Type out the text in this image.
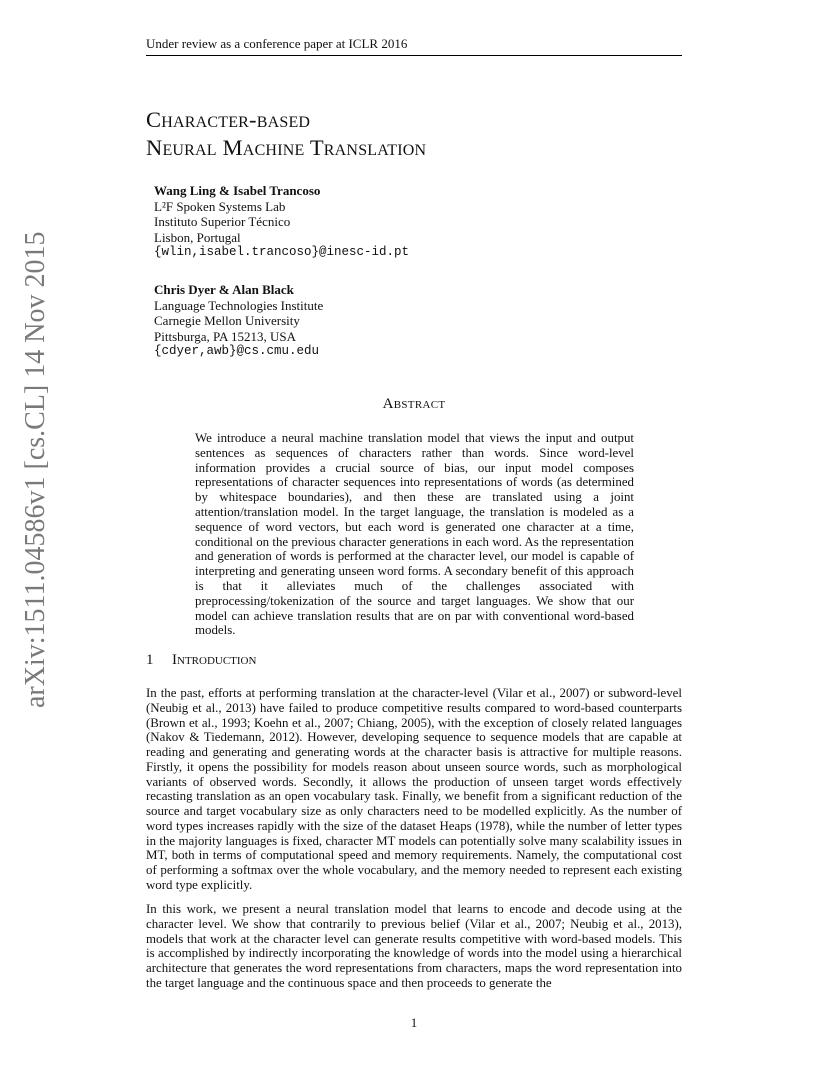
Under review as a conference paper at ICLR 2016
Character-based
Neural Machine Translation
Wang Ling & Isabel Trancoso
L²F Spoken Systems Lab
Instituto Superior Técnico
Lisbon, Portugal
{wlin,isabel.trancoso}@inesc-id.pt
Chris Dyer & Alan Black
Language Technologies Institute
Carnegie Mellon University
Pittsburga, PA 15213, USA
{cdyer,awb}@cs.cmu.edu
Abstract
We introduce a neural machine translation model that views the input and output sentences as sequences of characters rather than words. Since word-level information provides a crucial source of bias, our input model composes representations of character sequences into representations of words (as determined by whitespace boundaries), and then these are translated using a joint attention/translation model. In the target language, the translation is modeled as a sequence of word vectors, but each word is generated one character at a time, conditional on the previous character generations in each word. As the representation and generation of words is performed at the character level, our model is capable of interpreting and generating unseen word forms. A secondary benefit of this approach is that it alleviates much of the challenges associated with preprocessing/tokenization of the source and target languages. We show that our model can achieve translation results that are on par with conventional word-based models.
1 Introduction
In the past, efforts at performing translation at the character-level (Vilar et al., 2007) or subword-level (Neubig et al., 2013) have failed to produce competitive results compared to word-based counterparts (Brown et al., 1993; Koehn et al., 2007; Chiang, 2005), with the exception of closely related languages (Nakov & Tiedemann, 2012). However, developing sequence to sequence models that are capable at reading and generating and generating words at the character basis is attractive for multiple reasons. Firstly, it opens the possibility for models reason about unseen source words, such as morphological variants of observed words. Secondly, it allows the production of unseen target words effectively recasting translation as an open vocabulary task. Finally, we benefit from a significant reduction of the source and target vocabulary size as only characters need to be modelled explicitly. As the number of word types increases rapidly with the size of the dataset Heaps (1978), while the number of letter types in the majority languages is fixed, character MT models can potentially solve many scalability issues in MT, both in terms of computational speed and memory requirements. Namely, the computational cost of performing a softmax over the whole vocabulary, and the memory needed to represent each existing word type explicitly.
In this work, we present a neural translation model that learns to encode and decode using at the character level. We show that contrarily to previous belief (Vilar et al., 2007; Neubig et al., 2013), models that work at the character level can generate results competitive with word-based models. This is accomplished by indirectly incorporating the knowledge of words into the model using a hierarchical architecture that generates the word representations from characters, maps the word representation into the target language and the continuous space and then proceeds to generate the
1
arXiv:1511.04586v1 [cs.CL] 14 Nov 2015
